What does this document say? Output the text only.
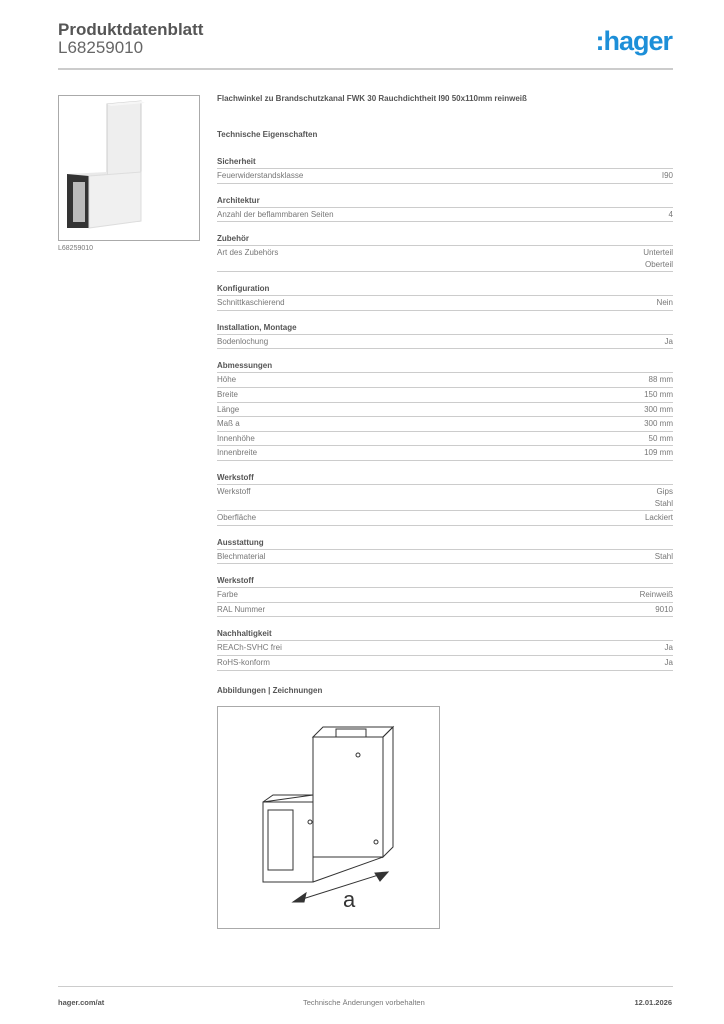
Produktdatenblatt
L68259010	:hager
L68259010
Flachwinkel zu Brandschutzkanal FWK 30 Rauchdichtheit I90 50x110mm reinweiß
Technische Eigenschaften
Sicherheit
Feuerwiderstandsklasse	I90
Architektur
Anzahl der beflammbaren Seiten	4
Zubehör
Art des Zubehörs	Unterteil
Oberteil
Konfiguration
Schnittkaschierend	Nein
Installation, Montage
Bodenlochung	Ja
Abmessungen
Höhe	88 mm
Breite	150 mm
Länge	300 mm
Maß a	300 mm
Innenhöhe	50 mm
Innenbreite	109 mm
Werkstoff
Werkstoff	Gips
Stahl
Oberfläche	Lackiert
Ausstattung
Blechmaterial	Stahl
Werkstoff
Farbe	Reinweiß
RAL Nummer	9010
Nachhaltigkeit
REACh-SVHC frei	Ja
RoHS-konform	Ja
Abbildungen | Zeichnungen
a
hager.com/at	Technische Änderungen vorbehalten	12.01.2026
